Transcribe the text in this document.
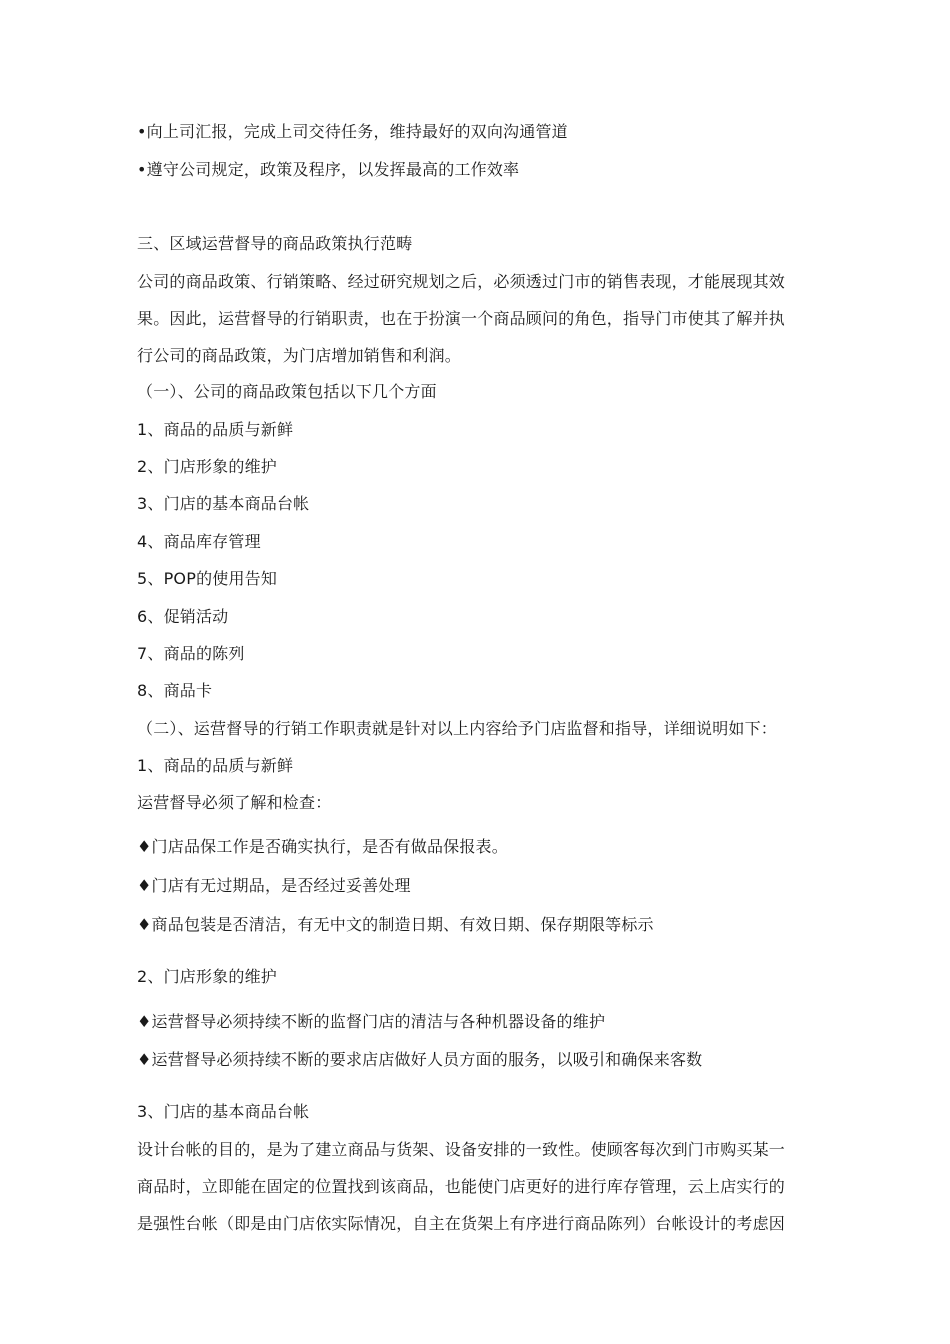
•向上司汇报，完成上司交待任务，维持最好的双向沟通管道
•遵守公司规定，政策及程序，以发挥最高的工作效率
三、区域运营督导的商品政策执行范畴
公司的商品政策、行销策略、经过研究规划之后，必须透过门市的销售表现，才能展现其效
果。因此，运营督导的行销职责，也在于扮演一个商品顾问的角色，指导门市使其了解并执
行公司的商品政策，为门店增加销售和利润。
（一）、公司的商品政策包括以下几个方面
1、商品的品质与新鲜
2、门店形象的维护
3、门店的基本商品台帐
4、商品库存管理
5、POP的使用告知
6、促销活动
7、商品的陈列
8、商品卡
（二）、运营督导的行销工作职责就是针对以上内容给予门店监督和指导，详细说明如下：
1、商品的品质与新鲜
运营督导必须了解和检查：
♦门店品保工作是否确实执行，是否有做品保报表。
♦门店有无过期品，是否经过妥善处理
♦商品包装是否清洁，有无中文的制造日期、有效日期、保存期限等标示
2、门店形象的维护
♦运营督导必须持续不断的监督门店的清洁与各种机器设备的维护
♦运营督导必须持续不断的要求店店做好人员方面的服务，以吸引和确保来客数
3、门店的基本商品台帐
设计台帐的目的，是为了建立商品与货架、设备安排的一致性。使顾客每次到门市购买某一
商品时，立即能在固定的位置找到该商品，也能使门店更好的进行库存管理，云上店实行的
是强性台帐（即是由门店依实际情况，自主在货架上有序进行商品陈列）台帐设计的考虑因
